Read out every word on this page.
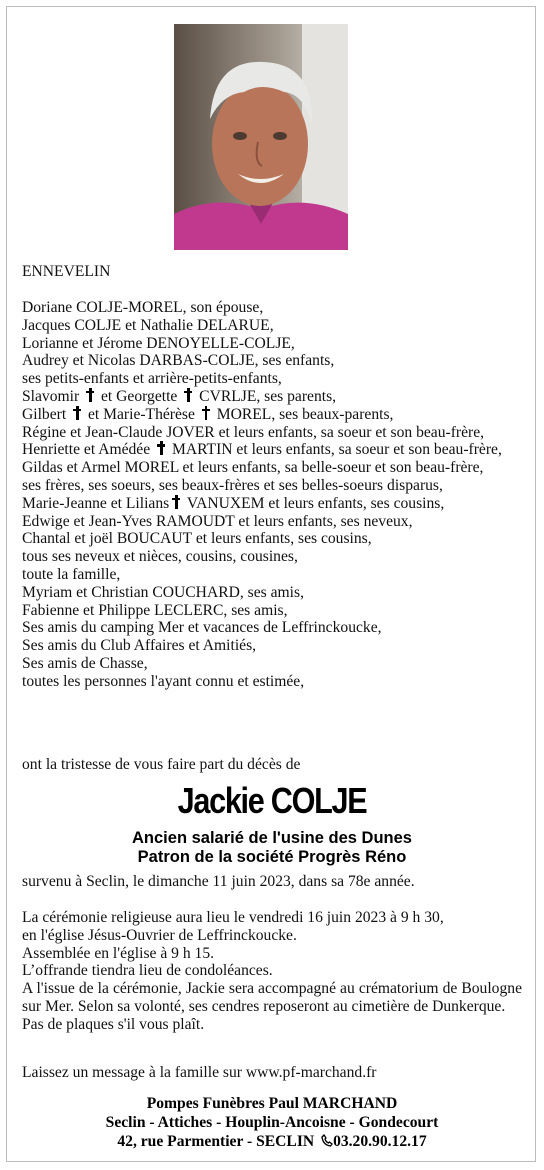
ENNEVELIN

Doriane COLJE-MOREL, son épouse,

Jacques COLJE et Nathalie DELARUE,

Lorianne et Jérome DENOYELLE-COLJE,

Audrey et Nicolas DARBAS-COLJE, ses enfants,

ses petits-enfants et arrière-petits-enfants,

Slavomir et Georgette CVRLJE, ses parents,

Gilbert et Marie-Thérèse MOREL, ses beaux-parents,

Régine et Jean-Claude JOVER et leurs enfants, sa soeur et son beau-frère,

Henriette et Amédée MARTIN et leurs enfants, sa soeur et son beau-frère,

Gildas et Armel MOREL et leurs enfants, sa belle-soeur et son beau-frère,

ses frères, ses soeurs, ses beaux-frères et ses belles-soeurs disparus,

Marie-Jeanne et Lilians VANUXEM et leurs enfants, ses cousins,

Edwige et Jean-Yves RAMOUDT et leurs enfants, ses neveux,

Chantal et joël BOUCAUT et leurs enfants, ses cousins,

tous ses neveux et nièces, cousins, cousines,

toute la famille,

Myriam et Christian COUCHARD, ses amis,

Fabienne et Philippe LECLERC, ses amis,

Ses amis du camping Mer et vacances de Leffrinckoucke,

Ses amis du Club Affaires et Amitiés,

Ses amis de Chasse,

toutes les personnes l'ayant connu et estimée,

ont la tristesse de vous faire part du décès de
Jackie COLJE
Ancien salarié de l'usine des Dunes
Patron de la société Progrès Réno
survenu à Seclin, le dimanche 11 juin 2023, dans sa 78e année.

La cérémonie religieuse aura lieu le vendredi 16 juin 2023 à 9 h 30,

en l'église Jésus-Ouvrier de Leffrinckoucke.

Assemblée en l'église à 9 h 15.

L’offrande tiendra lieu de condoléances.

A l'issue de la cérémonie, Jackie sera accompagné au crématorium de Boulogne sur Mer. Selon sa volonté, ses cendres reposeront au cimetière de Dunkerque.

Pas de plaques s'il vous plaît.

Laissez un message à la famille sur www.pf-marchand.fr
Pompes Funèbres Paul MARCHAND
Seclin - Attiches - Houplin-Ancoisne - Gondecourt
42, rue Parmentier - SECLIN 03.20.90.12.17
